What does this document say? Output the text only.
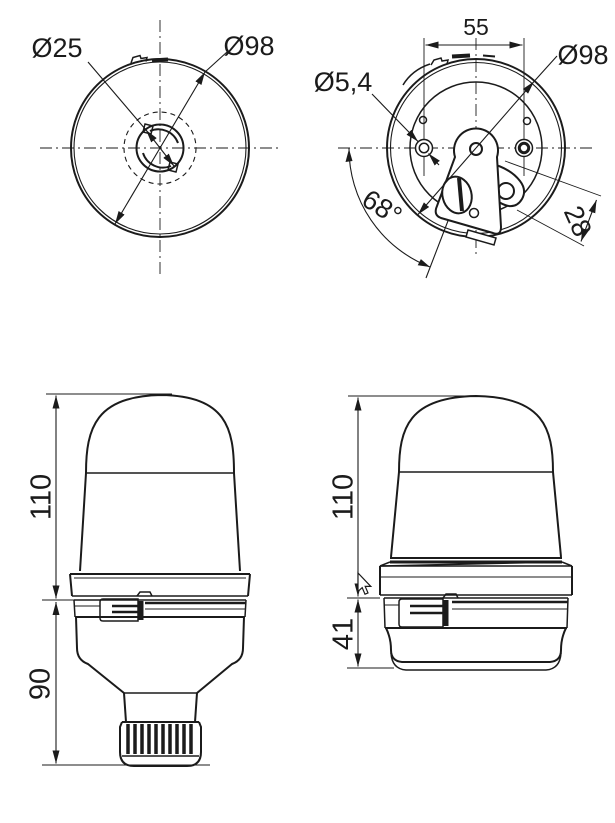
Ø25	Ø98
55
Ø98
Ø5,4
68°	28
110
90
110
41
